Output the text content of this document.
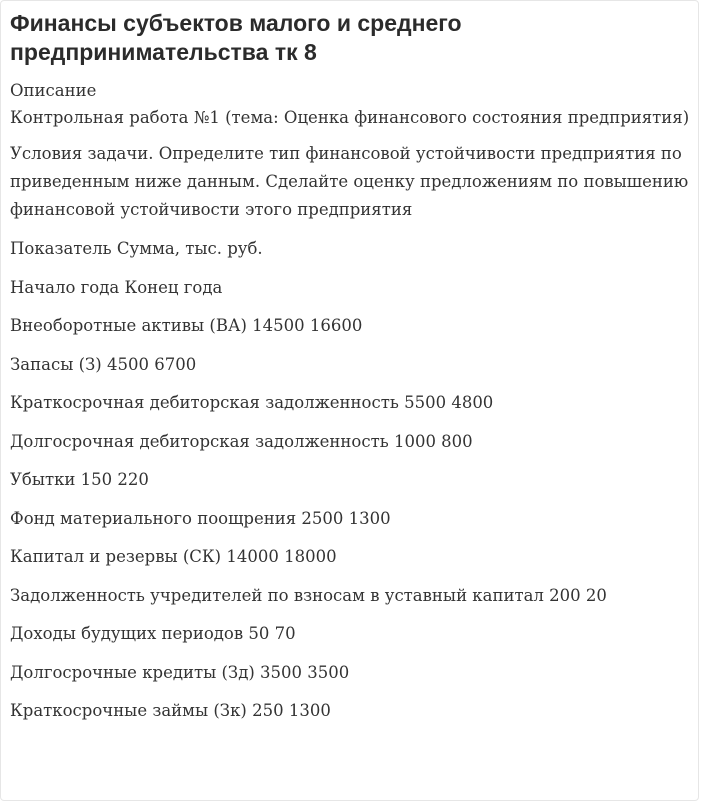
Финансы субъектов малого и среднего предпринимательства тк 8

Описание

Контрольная работа №1 (тема: Оценка финансового состояния предприятия)

Условия задачи. Определите тип финансовой устойчивости предприятия по приведенным ниже данным. Сделайте оценку предложениям по повышению финансовой устойчивости этого предприятия

Показатель Сумма, тыс. руб.

Начало года Конец года

Внеоборотные активы (ВА) 14500 16600

Запасы (З) 4500 6700

Краткосрочная дебиторская задолженность 5500 4800

Долгосрочная дебиторская задолженность 1000 800

Убытки 150 220

Фонд материального поощрения 2500 1300

Капитал и резервы (СК) 14000 18000

Задолженность учредителей по взносам в уставный капитал 200 20

Доходы будущих периодов 50 70

Долгосрочные кредиты (Зд) 3500 3500

Краткосрочные займы (Зк) 250 1300
